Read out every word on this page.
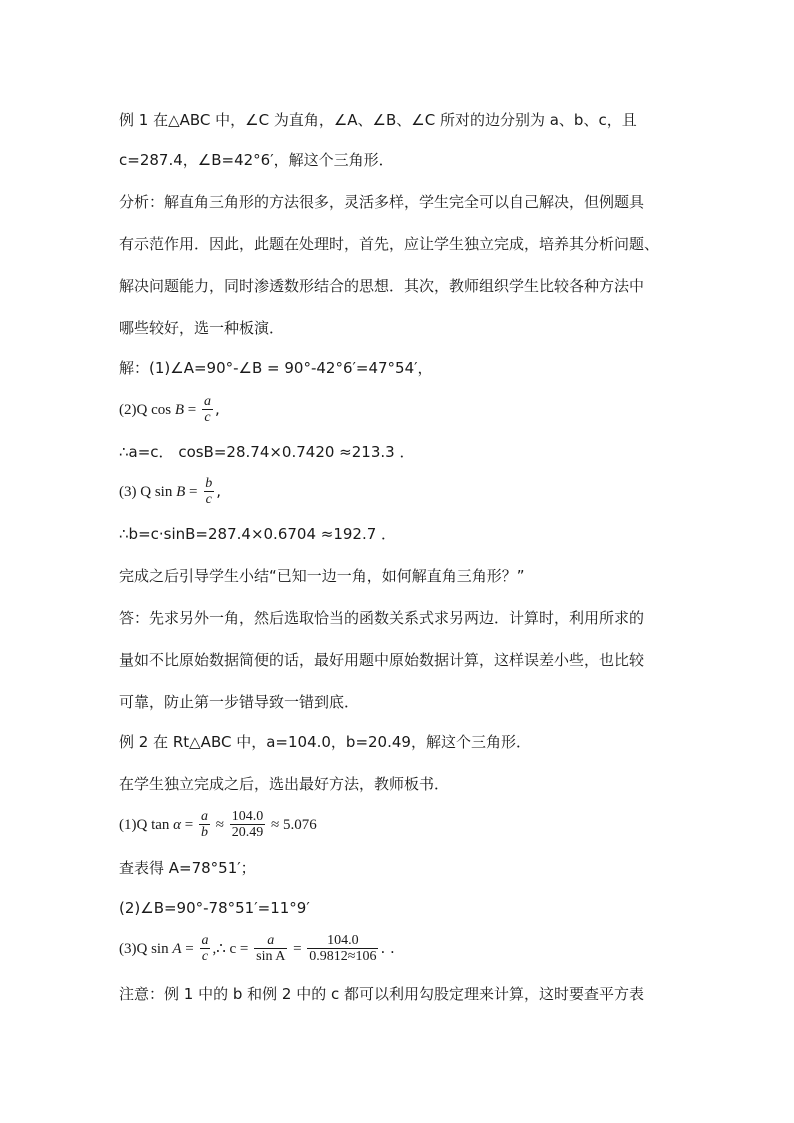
例 1 在△ABC 中，∠C 为直角，∠A、∠B、∠C 所对的边分别为 a、b、c，且
c=287.4，∠B=42°6′，解这个三角形．
分析：解直角三角形的方法很多，灵活多样，学生完全可以自己解决，但例题具
有示范作用．因此，此题在处理时，首先，应让学生独立完成，培养其分析问题、
解决问题能力，同时渗透数形结合的思想．其次，教师组织学生比较各种方法中
哪些较好，选一种板演．
解：(1)∠A=90°-∠B = 90°-42°6′=47°54′，
(2)Q $\cos B = \frac{a}{c}$ ,
∴a=c． cosB=28.74×0.7420 ≈213.3 ．
(3) Q $\sin B = \frac{b}{c}$ ,
∴b=c·sinB=287.4×0.6704 ≈192.7 ．
完成之后引导学生小结“已知一边一角，如何解直角三角形？”
答：先求另外一角，然后选取恰当的函数关系式求另两边．计算时，利用所求的
量如不比原始数据简便的话，最好用题中原始数据计算，这样误差小些，也比较
可靠，防止第一步错导致一错到底．
例 2 在 Rt△ABC 中，a=104.0，b=20.49，解这个三角形．
在学生独立完成之后，选出最好方法，教师板书．
(1)Q $\tan \alpha = \frac{a}{b} \approx \frac{104.0}{20.49} \approx 5.076$
查表得 A=78°51′；
(2)∠B=90°-78°51′=11°9′
(3)Q $\sin A = \frac{a}{c}$ ,∴ $c = \frac{a}{\text{sin A}} = \frac{104.0}{0.9812\approx 106}$ . .
注意：例 1 中的 b 和例 2 中的 c 都可以利用勾股定理来计算，这时要查平方表
